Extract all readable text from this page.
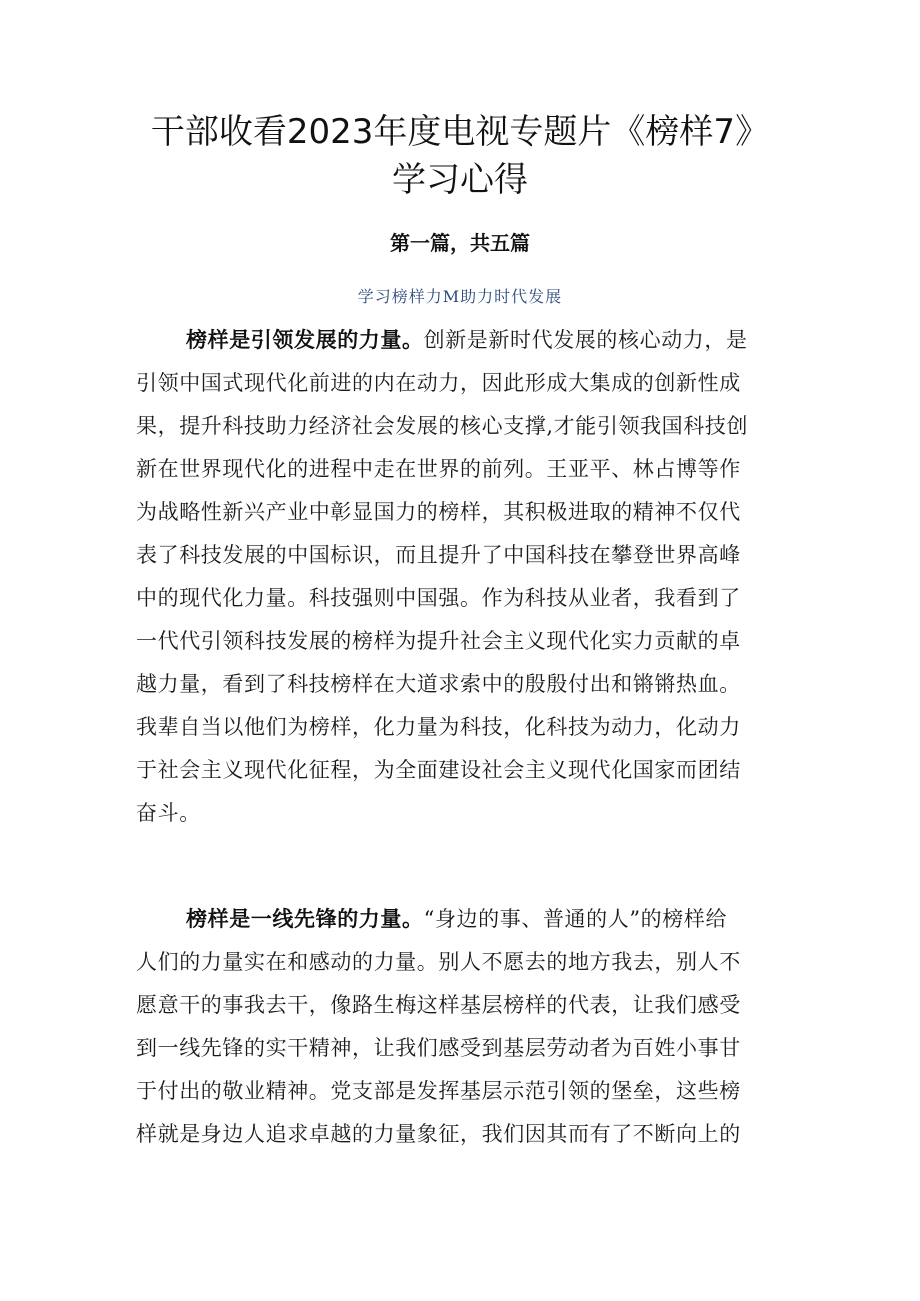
干部收看2023年度电视专题片《榜样7》
学习心得
第一篇，共五篇
学习榜样力M助力时代发展
榜样是引领发展的力量。创新是新时代发展的核心动力，是
引领中国式现代化前进的内在动力，因此形成大集成的创新性成
果，提升科技助力经济社会发展的核心支撑,才能引领我国科技创
新在世界现代化的进程中走在世界的前列。王亚平、林占博等作
为战略性新兴产业中彰显国力的榜样，其积极进取的精神不仅代
表了科技发展的中国标识，而且提升了中国科技在攀登世界高峰
中的现代化力量。科技强则中国强。作为科技从业者，我看到了
一代代引领科技发展的榜样为提升社会主义现代化实力贡献的卓
越力量，看到了科技榜样在大道求索中的殷殷付出和锵锵热血。
我辈自当以他们为榜样，化力量为科技，化科技为动力，化动力
于社会主义现代化征程，为全面建设社会主义现代化国家而团结
奋斗。
榜样是一线先锋的力量。“身边的事、普通的人”的榜样给
人们的力量实在和感动的力量。别人不愿去的地方我去，别人不
愿意干的事我去干，像路生梅这样基层榜样的代表，让我们感受
到一线先锋的实干精神，让我们感受到基层劳动者为百姓小事甘
于付出的敬业精神。党支部是发挥基层示范引领的堡垒，这些榜
样就是身边人追求卓越的力量象征，我们因其而有了不断向上的
